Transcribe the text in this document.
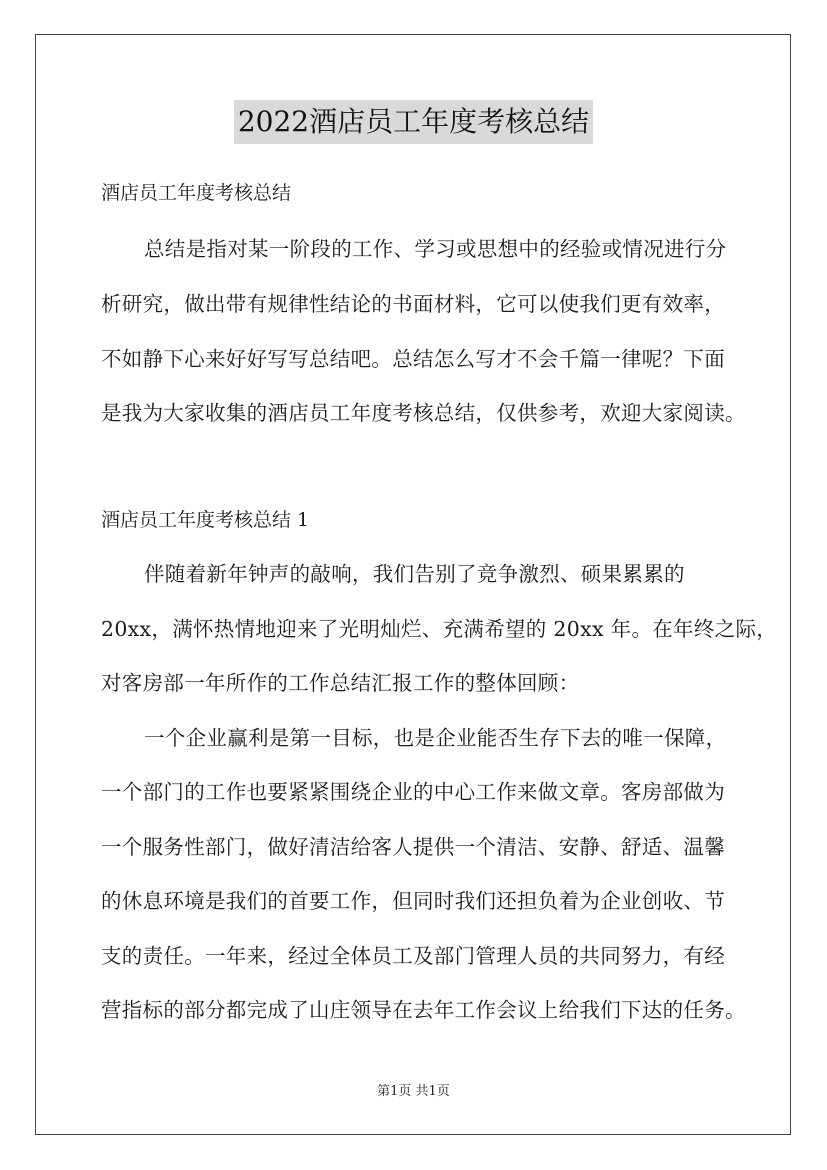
2022酒店员工年度考核总结
酒店员工年度考核总结
总结是指对某一阶段的工作、学习或思想中的经验或情况进行分
析研究，做出带有规律性结论的书面材料，它可以使我们更有效率，
不如静下心来好好写写总结吧。总结怎么写才不会千篇一律呢？下面
是我为大家收集的酒店员工年度考核总结，仅供参考，欢迎大家阅读。
酒店员工年度考核总结 1
伴随着新年钟声的敲响，我们告别了竞争激烈、硕果累累的
20xx，满怀热情地迎来了光明灿烂、充满希望的 20xx 年。在年终之际，
对客房部一年所作的工作总结汇报工作的整体回顾：
一个企业赢利是第一目标，也是企业能否生存下去的唯一保障，
一个部门的工作也要紧紧围绕企业的中心工作来做文章。客房部做为
一个服务性部门，做好清洁给客人提供一个清洁、安静、舒适、温馨
的休息环境是我们的首要工作，但同时我们还担负着为企业创收、节
支的责任。一年来，经过全体员工及部门管理人员的共同努力，有经
营指标的部分都完成了山庄领导在去年工作会议上给我们下达的任务。
第1页 共1页
